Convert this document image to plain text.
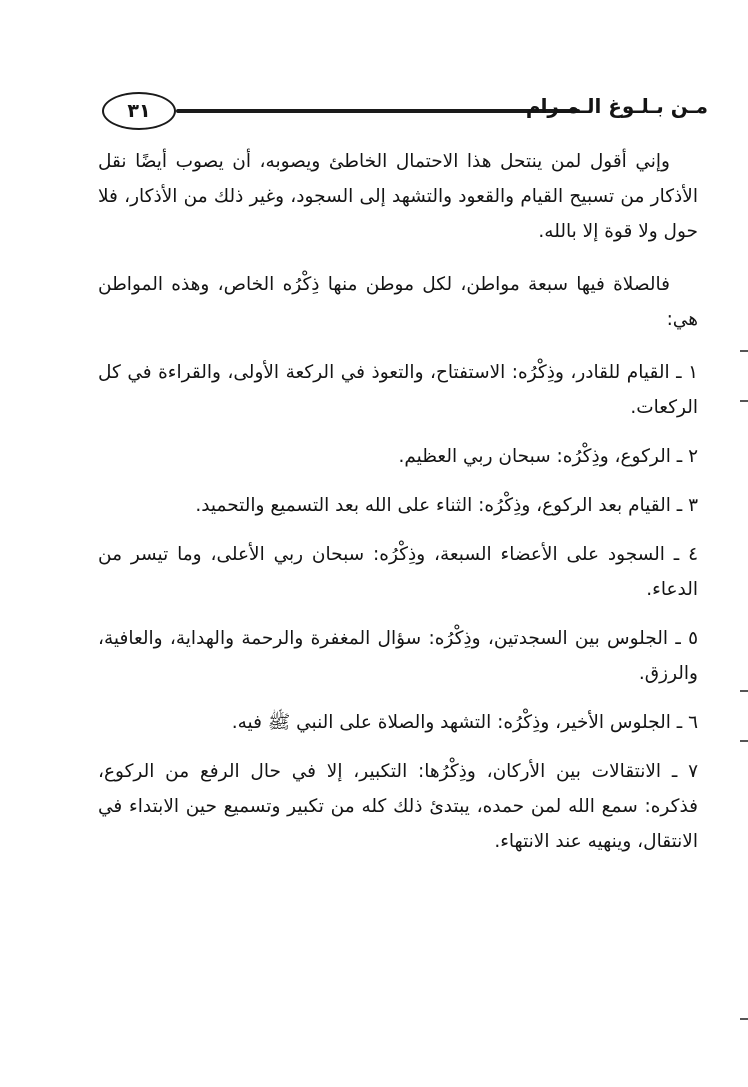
٣١	مـن بـلـوغ الـمـرام

وإني أقول لمن ينتحل هذا الاحتمال الخاطئ ويصوبه، أن يصوب أيضًا نقل الأذكار من تسبيح القيام والقعود والتشهد إلى السجود، وغير ذلك من الأذكار، فلا حول ولا قوة إلا بالله.

فالصلاة فيها سبعة مواطن، لكل موطن منها ذِكْرُه الخاص، وهذه المواطن هي:

١ ـ القيام للقادر، وذِكْرُه: الاستفتاح، والتعوذ في الركعة الأولى، والقراءة في كل الركعات.

٢ ـ الركوع، وذِكْرُه: سبحان ربي العظيم.

٣ ـ القيام بعد الركوع، وذِكْرُه: الثناء على الله بعد التسميع والتحميد.

٤ ـ السجود على الأعضاء السبعة، وذِكْرُه: سبحان ربي الأعلى، وما تيسر من الدعاء.

٥ ـ الجلوس بين السجدتين، وذِكْرُه: سؤال المغفرة والرحمة والهداية، والعافية، والرزق.

٦ ـ الجلوس الأخير، وذِكْرُه: التشهد والصلاة على النبي ﷺ فيه.

٧ ـ الانتقالات بين الأركان، وذِكْرُها: التكبير، إلا في حال الرفع من الركوع، فذكره: سمع الله لمن حمده، يبتدئ ذلك كله من تكبير وتسميع حين الابتداء في الانتقال، وينهيه عند الانتهاء.
